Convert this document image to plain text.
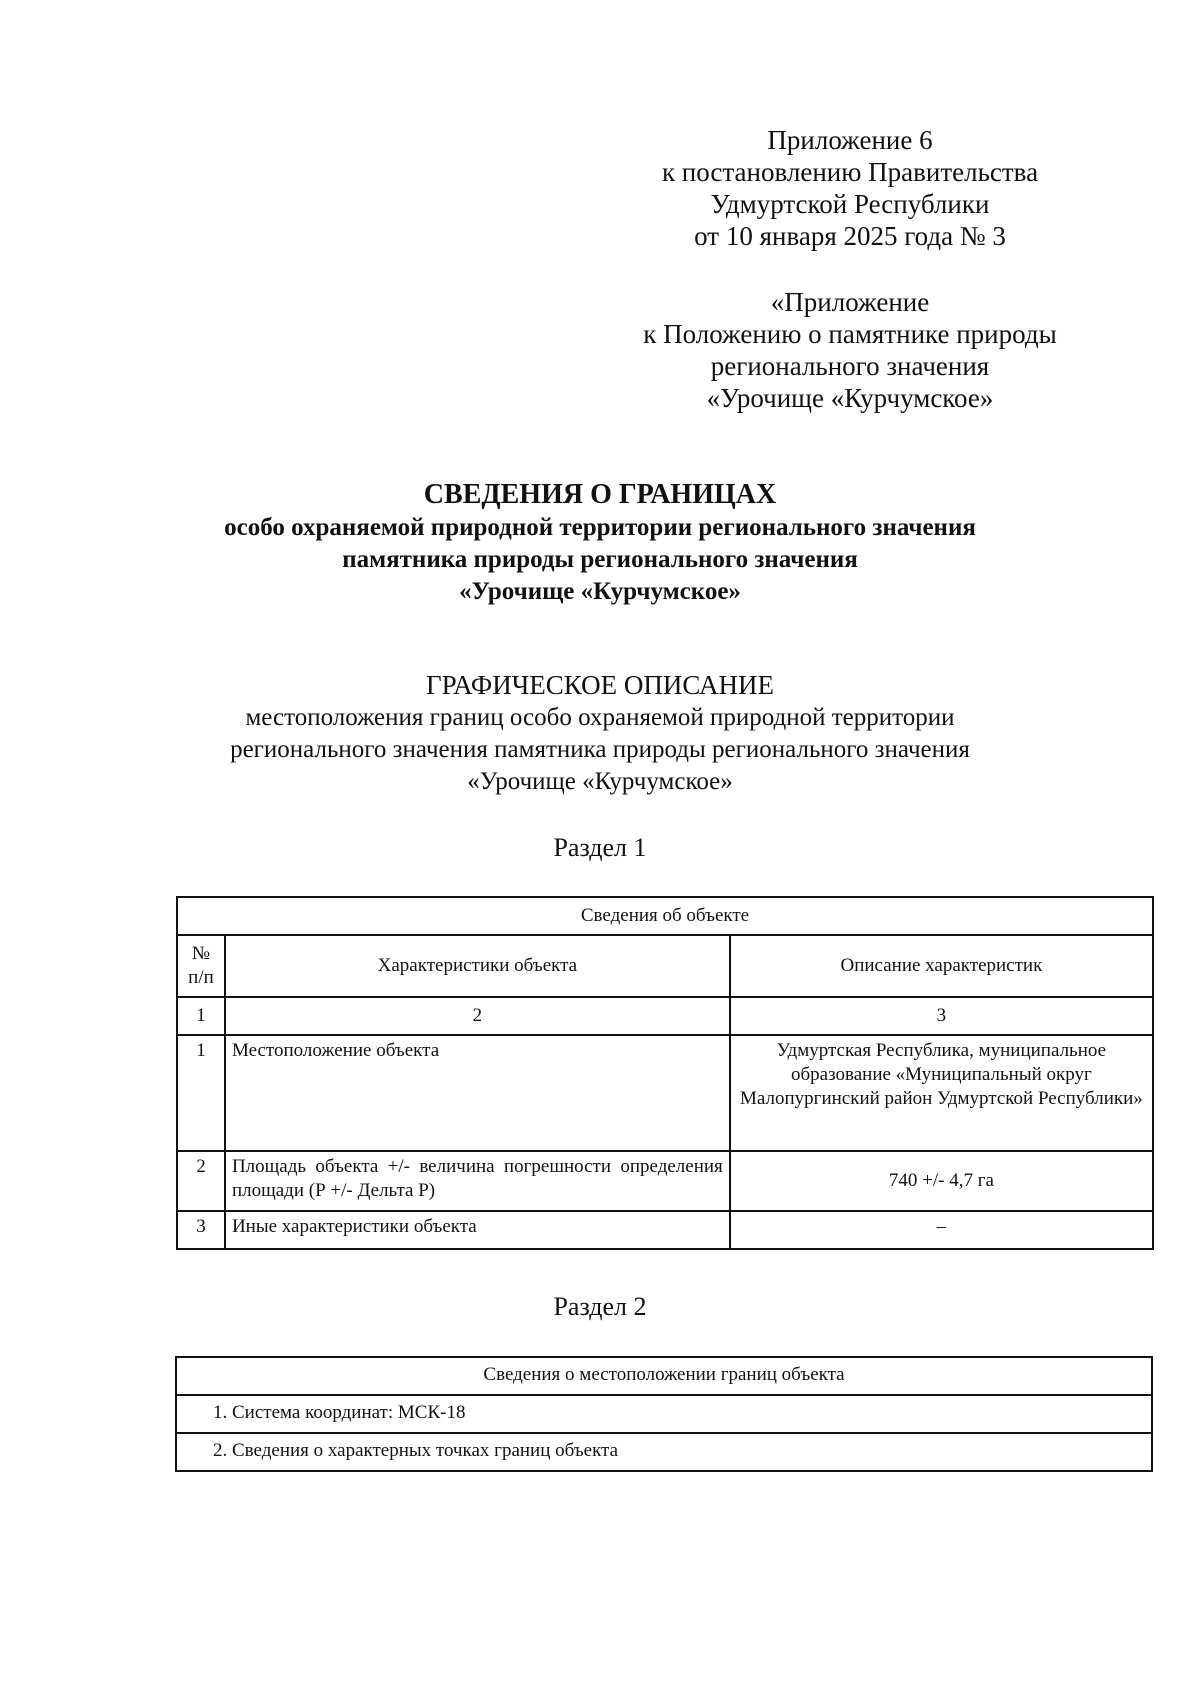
Приложение 6
к постановлению Правительства
Удмуртской Республики
от 10 января 2025 года № 3
«Приложение
к Положению о памятнике природы
регионального значения
«Урочище «Курчумское»
СВЕДЕНИЯ О ГРАНИЦАХ
особо охраняемой природной территории регионального значения
памятника природы регионального значения
«Урочище «Курчумское»
ГРАФИЧЕСКОЕ ОПИСАНИЕ
местоположения границ особо охраняемой природной территории
регионального значения памятника природы регионального значения
«Урочище «Курчумское»
Раздел 1
Сведения об объекте		
№ п/п	Характеристики объекта	Описание характеристик
1	2	3
1	Местоположение объекта	Удмуртская Республика, муниципальное образование «Муниципальный округ Малопургинский район Удмуртской Республики»
2	Площадь объекта +/- величина погрешности определения площади (Р +/- Дельта Р)	740 +/- 4,7 га
3	Иные характеристики объекта	–
Раздел 2
Сведения о местоположении границ объекта
1. Система координат: МСК-18
2. Сведения о характерных точках границ объекта
